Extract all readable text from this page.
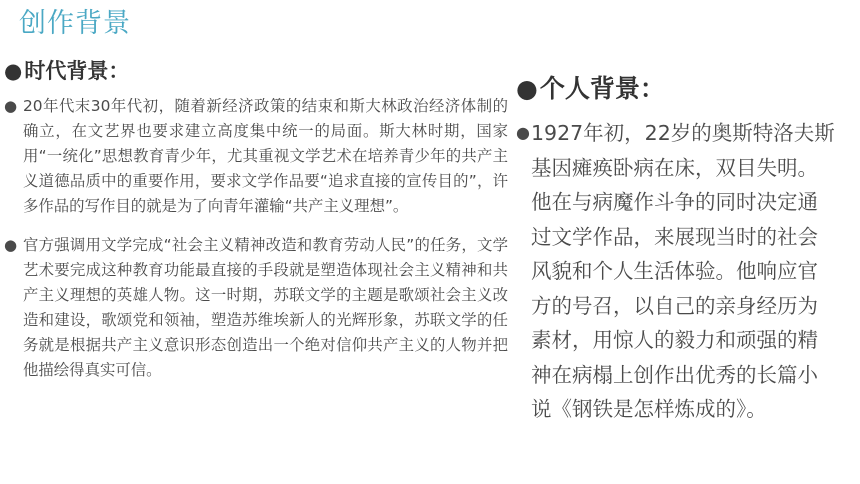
创作背景
●时代背景：
● 20年代末30年代初，随着新经济政策的结束和斯大林政治经济体制的确立，在文艺界也要求建立高度集中统一的局面。斯大林时期，国家用“一统化”思想教育青少年，尤其重视文学艺术在培养青少年的共产主义道德品质中的重要作用，要求文学作品要“追求直接的宣传目的”，许多作品的写作目的就是为了向青年灌输“共产主义理想”。
● 官方强调用文学完成“社会主义精神改造和教育劳动人民”的任务，文学艺术要完成这种教育功能最直接的手段就是塑造体现社会主义精神和共产主义理想的英雄人物。这一时期，苏联文学的主题是歌颂社会主义改造和建设，歌颂党和领袖，塑造苏维埃新人的光辉形象，苏联文学的任务就是根据共产主义意识形态创造出一个绝对信仰共产主义的人物并把他描绘得真实可信。
●个人背景：
● 1927年初，22岁的奥斯特洛夫斯基因瘫痪卧病在床，双目失明。他在与病魔作斗争的同时决定通过文学作品，来展现当时的社会风貌和个人生活体验。他响应官方的号召，以自己的亲身经历为素材，用惊人的毅力和顽强的精神在病榻上创作出优秀的长篇小说《钢铁是怎样炼成的》。
